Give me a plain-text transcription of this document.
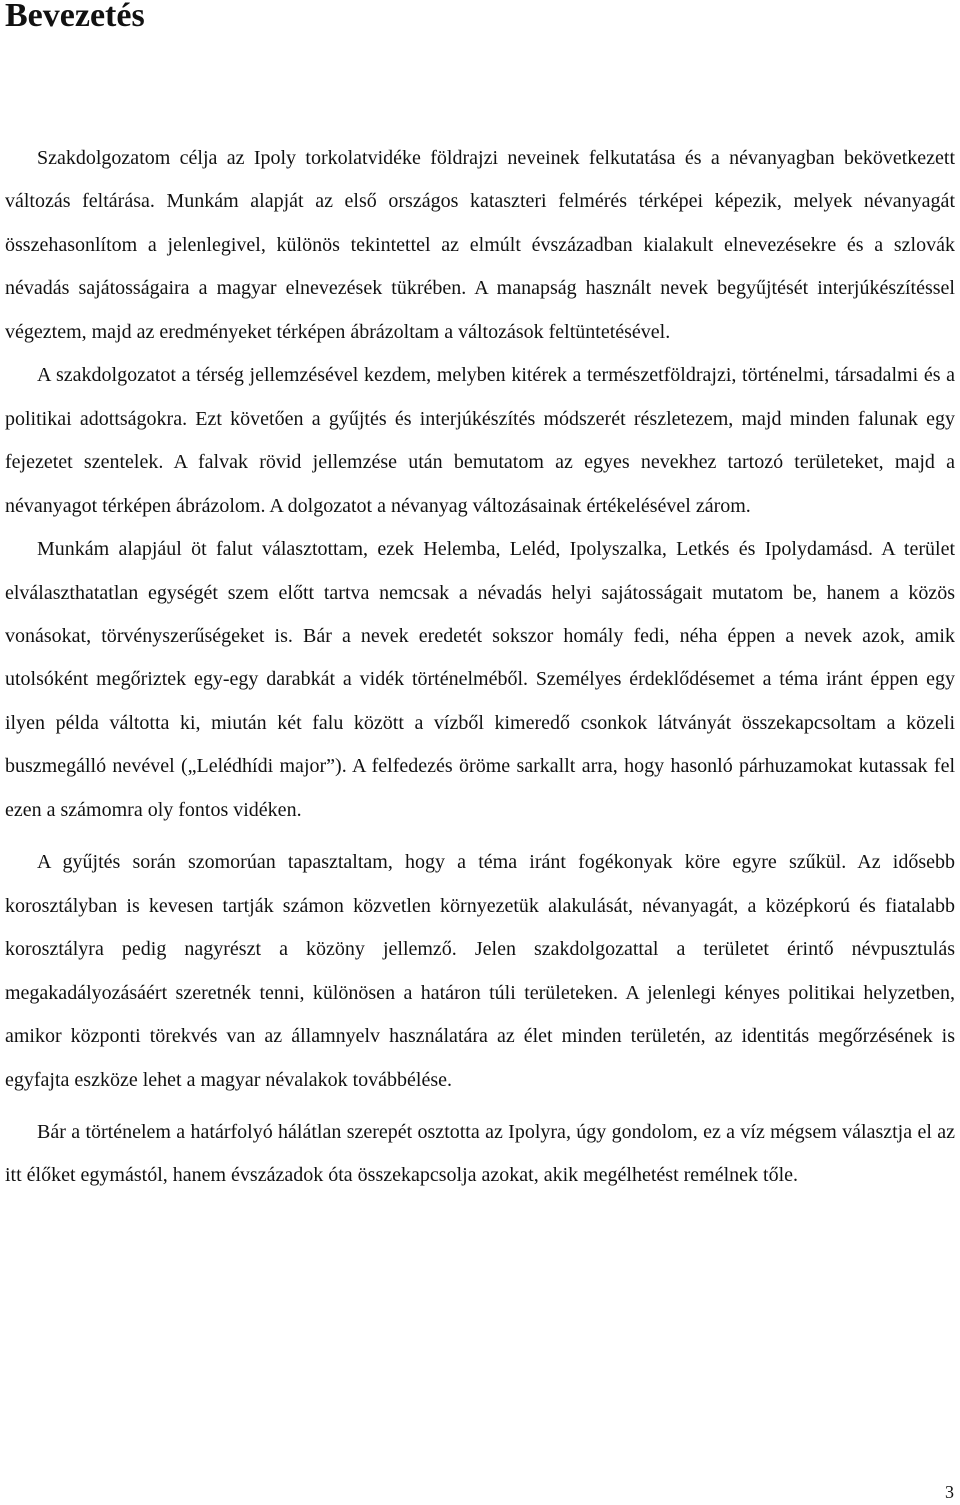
Bevezetés

Szakdolgozatom célja az Ipoly torkolatvidéke földrajzi neveinek felkutatása és a névanyagban bekövetkezett változás feltárása. Munkám alapját az első országos kataszteri felmérés térképei képezik, melyek névanyagát összehasonlítom a jelenlegivel, különös tekintettel az elmúlt évszázadban kialakult elnevezésekre és a szlovák névadás sajátosságaira a magyar elnevezések tükrében. A manapság használt nevek begyűjtését interjúkészítéssel végeztem, majd az eredményeket térképen ábrázoltam a változások feltüntetésével.

A szakdolgozatot a térség jellemzésével kezdem, melyben kitérek a természetföldrajzi, történelmi, társadalmi és a politikai adottságokra. Ezt követően a gyűjtés és interjúkészítés módszerét részletezem, majd minden falunak egy fejezetet szentelek. A falvak rövid jellemzése után bemutatom az egyes nevekhez tartozó területeket, majd a névanyagot térképen ábrázolom. A dolgozatot a névanyag változásainak értékelésével zárom.

Munkám alapjául öt falut választottam, ezek Helemba, Leléd, Ipolyszalka, Letkés és Ipolydamásd. A terület elválaszthatatlan egységét szem előtt tartva nemcsak a névadás helyi sajátosságait mutatom be, hanem a közös vonásokat, törvényszerűségeket is. Bár a nevek eredetét sokszor homály fedi, néha éppen a nevek azok, amik utolsóként megőriztek egy-egy darabkát a vidék történelméből. Személyes érdeklődésemet a téma iránt éppen egy ilyen példa váltotta ki, miután két falu között a vízből kimeredő csonkok látványát összekapcsoltam a közeli buszmegálló nevével („Lelédhídi major”). A felfedezés öröme sarkallt arra, hogy hasonló párhuzamokat kutassak fel ezen a számomra oly fontos vidéken.

A gyűjtés során szomorúan tapasztaltam, hogy a téma iránt fogékonyak köre egyre szűkül. Az idősebb korosztályban is kevesen tartják számon közvetlen környezetük alakulását, névanyagát, a középkorú és fiatalabb korosztályra pedig nagyrészt a közöny jellemző. Jelen szakdolgozattal a területet érintő névpusztulás megakadályozásáért szeretnék tenni, különösen a határon túli területeken. A jelenlegi kényes politikai helyzetben, amikor központi törekvés van az államnyelv használatára az élet minden területén, az identitás megőrzésének is egyfajta eszköze lehet a magyar névalakok továbbélése.

Bár a történelem a határfolyó hálátlan szerepét osztotta az Ipolyra, úgy gondolom, ez a víz mégsem választja el az itt élőket egymástól, hanem évszázadok óta összekapcsolja azokat, akik megélhetést remélnek tőle.

3
